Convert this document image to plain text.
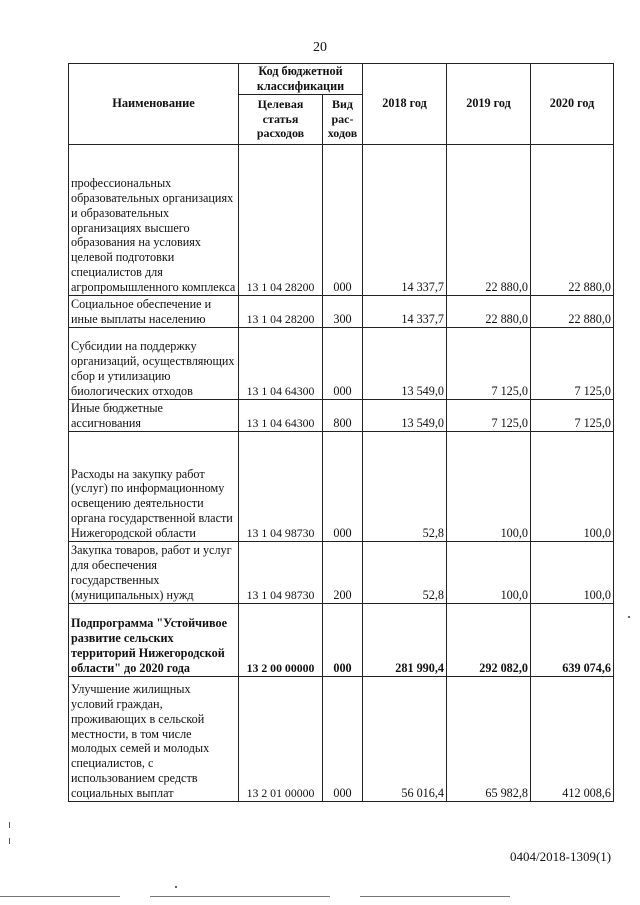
20
Наименование	Код бюджетной классификации		2018 год	2019 год	2020 год
	Целевая статья расходов	Вид рас-ходов			
профессиональных образовательных организациях и образовательных организациях высшего образования на условиях целевой подготовки специалистов для агропромышленного комплекса	13 1 04 28200	000	14 337,7	22 880,0	22 880,0
Социальное обеспечение и иные выплаты населению	13 1 04 28200	300	14 337,7	22 880,0	22 880,0
Субсидии на поддержку организаций, осуществляющих сбор и утилизацию биологических отходов	13 1 04 64300	000	13 549,0	7 125,0	7 125,0
Иные бюджетные ассигнования	13 1 04 64300	800	13 549,0	7 125,0	7 125,0
Расходы на закупку работ (услуг) по информационному освещению деятельности органа государственной власти Нижегородской области	13 1 04 98730	000	52,8	100,0	100,0
Закупка товаров, работ и услуг для обеспечения государственных (муниципальных) нужд	13 1 04 98730	200	52,8	100,0	100,0
Подпрограмма "Устойчивое развитие сельских территорий Нижегородской области" до 2020 года	13 2 00 00000	000	281 990,4	292 082,0	639 074,6
Улучшение жилищных условий граждан, проживающих в сельской местности, в том числе молодых семей и молодых специалистов, с использованием средств социальных выплат	13 2 01 00000	000	56 016,4	65 982,8	412 008,6
0404/2018-1309(1)
